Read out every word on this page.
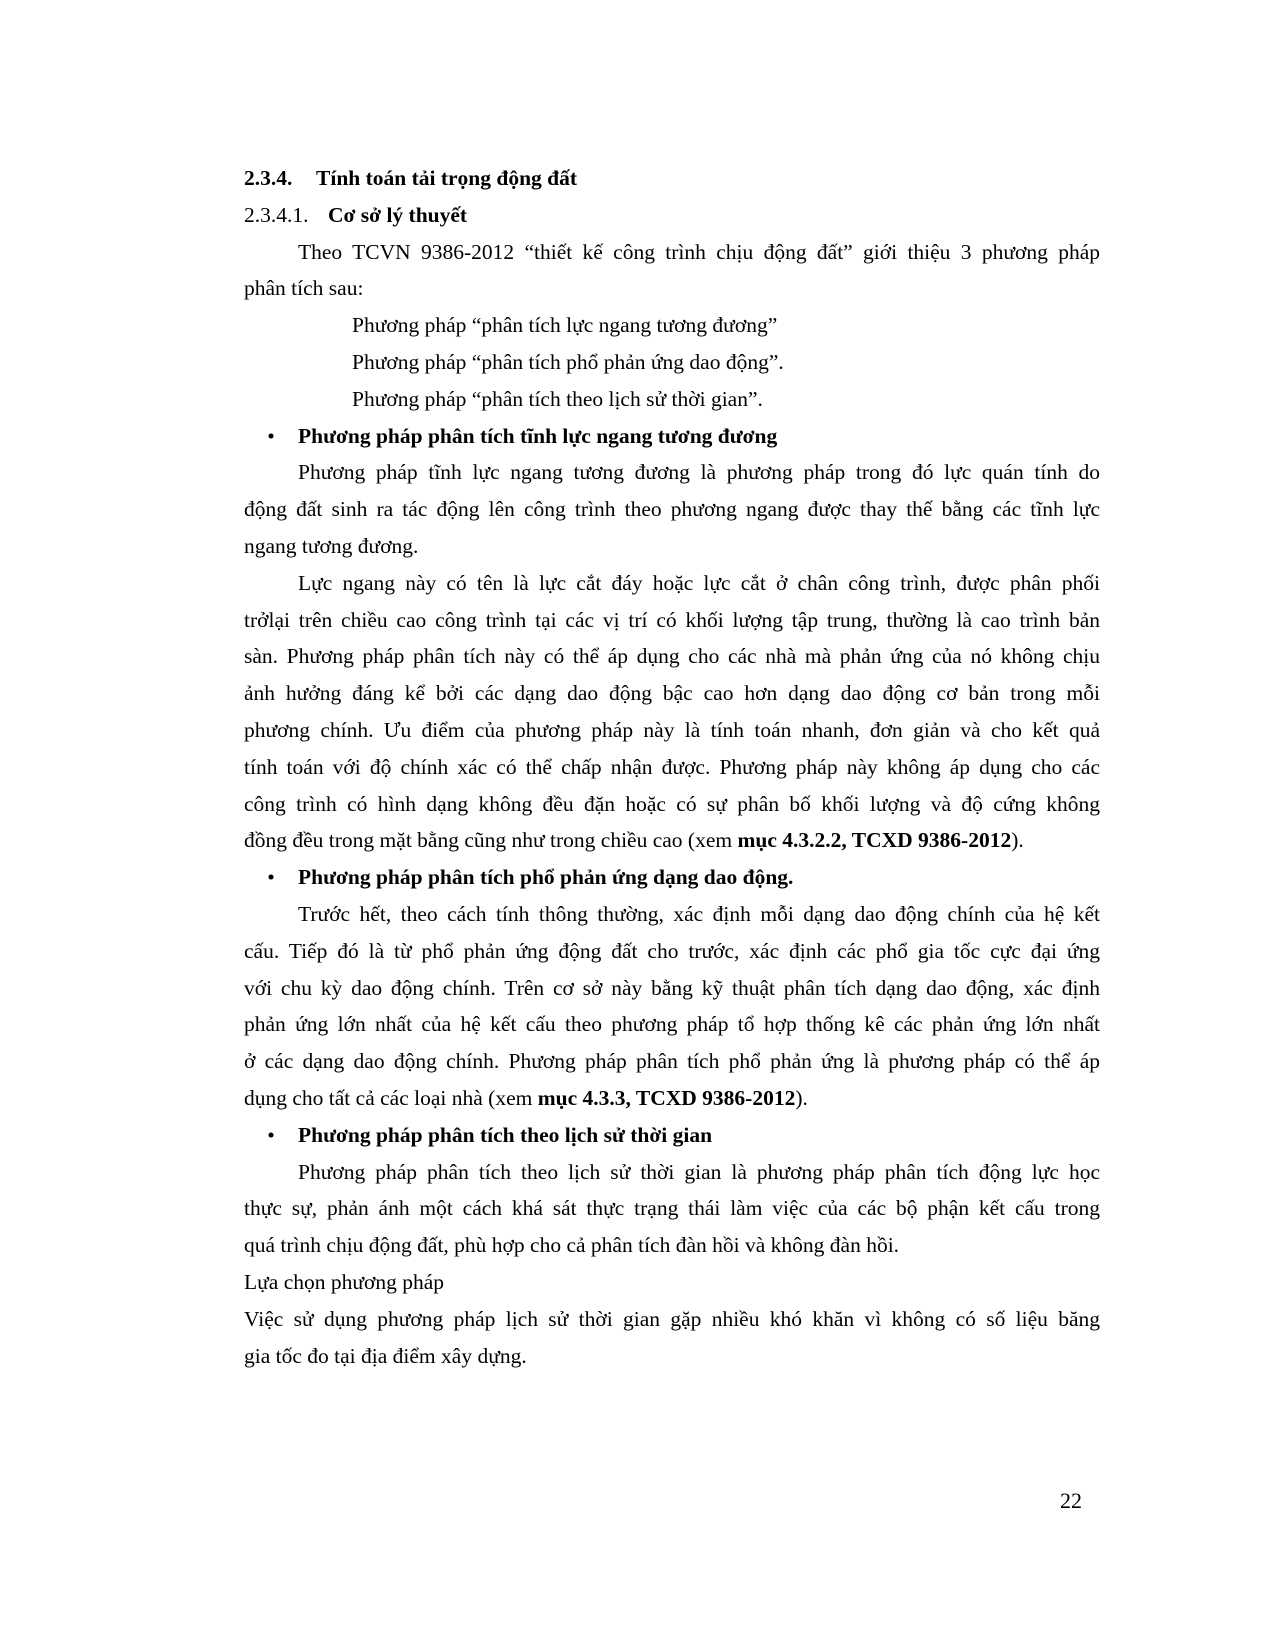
2.3.4. Tính toán tải trọng động đất
2.3.4.1. Cơ sở lý thuyết
Theo TCVN 9386-2012 “thiết kế công trình chịu động đất” giới thiệu 3 phương pháp
phân tích sau:
Phương pháp “phân tích lực ngang tương đương”
Phương pháp “phân tích phổ phản ứng dao động”.
Phương pháp “phân tích theo lịch sử thời gian”.
• Phương pháp phân tích tĩnh lực ngang tương đương
Phương pháp tĩnh lực ngang tương đương là phương pháp trong đó lực quán tính do
động đất sinh ra tác động lên công trình theo phương ngang được thay thế bằng các tĩnh lực
ngang tương đương.
Lực ngang này có tên là lực cắt đáy hoặc lực cắt ở chân công trình, được phân phối
trởlại trên chiều cao công trình tại các vị trí có khối lượng tập trung, thường là cao trình bản
sàn. Phương pháp phân tích này có thể áp dụng cho các nhà mà phản ứng của nó không chịu
ảnh hưởng đáng kể bởi các dạng dao động bậc cao hơn dạng dao động cơ bản trong mỗi
phương chính. Ưu điểm của phương pháp này là tính toán nhanh, đơn giản và cho kết quả
tính toán với độ chính xác có thể chấp nhận được. Phương pháp này không áp dụng cho các
công trình có hình dạng không đều đặn hoặc có sự phân bố khối lượng và độ cứng không
đồng đều trong mặt bằng cũng như trong chiều cao (xem mục 4.3.2.2, TCXD 9386-2012).
• Phương pháp phân tích phổ phản ứng dạng dao động.
Trước hết, theo cách tính thông thường, xác định mỗi dạng dao động chính của hệ kết
cấu. Tiếp đó là từ phổ phản ứng động đất cho trước, xác định các phổ gia tốc cực đại ứng
với chu kỳ dao động chính. Trên cơ sở này bằng kỹ thuật phân tích dạng dao động, xác định
phản ứng lớn nhất của hệ kết cấu theo phương pháp tổ hợp thống kê các phản ứng lớn nhất
ở các dạng dao động chính. Phương pháp phân tích phổ phản ứng là phương pháp có thể áp
dụng cho tất cả các loại nhà (xem mục 4.3.3, TCXD 9386-2012).
• Phương pháp phân tích theo lịch sử thời gian
Phương pháp phân tích theo lịch sử thời gian là phương pháp phân tích động lực học
thực sự, phản ánh một cách khá sát thực trạng thái làm việc của các bộ phận kết cấu trong
quá trình chịu động đất, phù hợp cho cả phân tích đàn hồi và không đàn hồi.
Lựa chọn phương pháp
Việc sử dụng phương pháp lịch sử thời gian gặp nhiều khó khăn vì không có số liệu băng
gia tốc đo tại địa điểm xây dựng.
22
